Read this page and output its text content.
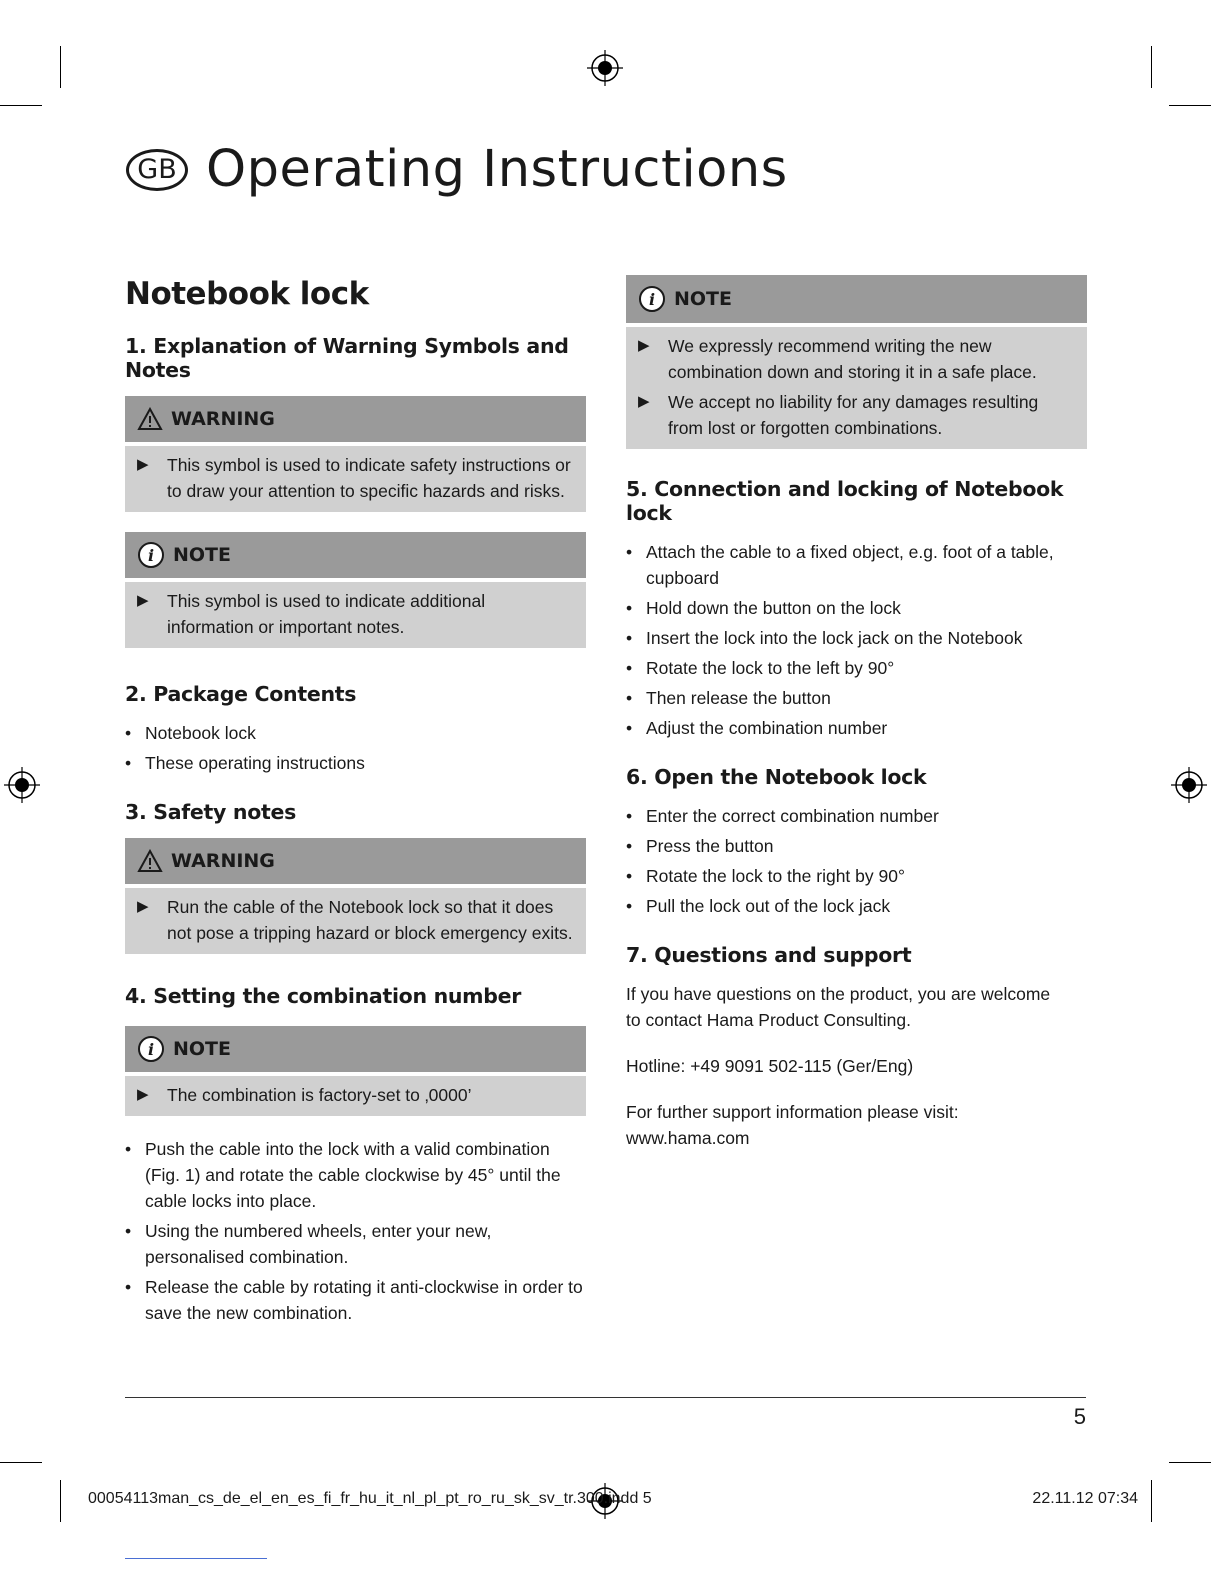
GB Operating Instructions
Notebook lock
1. Explanation of Warning Symbols and Notes
WARNING
▶	This symbol is used to indicate safety instructions or to draw your attention to specific hazards and risks.
i NOTE
▶	This symbol is used to indicate additional information or important notes.
2. Package Contents
• Notebook lock
• These operating instructions
3. Safety notes
WARNING
▶	Run the cable of the Notebook lock so that it does not pose a tripping hazard or block emergency exits.
4. Setting the combination number
i NOTE
▶	The combination is factory-set to ‚0000’
• Push the cable into the lock with a valid combination (Fig. 1) and rotate the cable clockwise by 45° until the cable locks into place.
• Using the numbered wheels, enter your new, personalised combination.
• Release the cable by rotating it anti-clockwise in order to save the new combination.
i NOTE
▶	We expressly recommend writing the new combination down and storing it in a safe place.
▶	We accept no liability for any damages resulting from lost or forgotten combinations.
5. Connection and locking of Notebook lock
• Attach the cable to a fixed object, e.g. foot of a table, cupboard
• Hold down the button on the lock
• Insert the lock into the lock jack on the Notebook
• Rotate the lock to the left by 90°
• Then release the button
• Adjust the combination number
6. Open the Notebook lock
• Enter the correct combination number
• Press the button
• Rotate the lock to the right by 90°
• Pull the lock out of the lock jack
7. Questions and support

If you have questions on the product, you are welcome
to contact Hama Product Consulting.

Hotline: +49 9091 502-115 (Ger/Eng)

For further support information please visit:
www.hama.com

5
00054113man_cs_de_el_en_es_fi_fr_hu_it_nl_pl_pt_ro_ru_sk_sv_tr.300.indd 5	22.11.12 07:34
